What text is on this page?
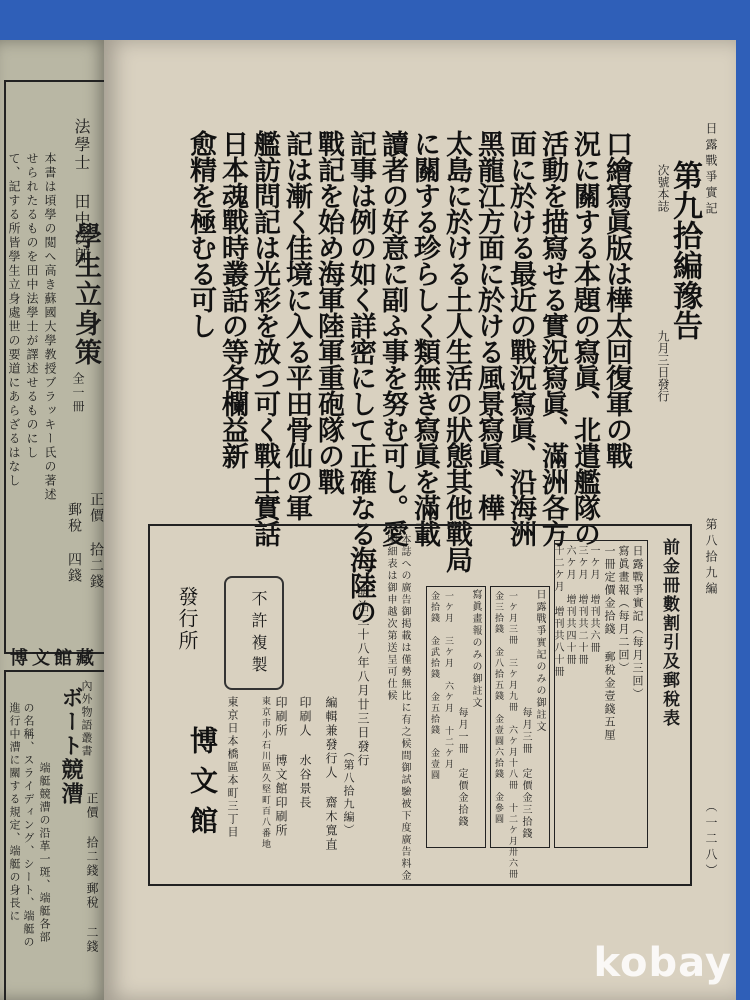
法學士 田中次郎
學生立身策
全一冊
正價 拾二錢
郵稅 四錢
本書は頃學の閲へ高き蘇國大學教授ブラッキー氏の著述
せられたるものを田中法學士が譯述せるものにし
て、記する所皆學生立身處世の要道にあらざるはなし
博文館藏
內外物語叢書
ボート競漕
正價 拾二錢
郵稅 二錢
端艇競漕の沿革一斑、端艇各部
の名稱、スライディング、シート、端艇の
進行中漕に關する規定、端艇の身長に
日露戰爭實記
第八拾九編
（一二八）
第九拾編豫告
次號本誌
九月三日發行
口繪寫眞版は樺太回復軍の戰
況に關する本題の寫眞、北遣艦隊の
活動を描寫せる實況寫眞、滿洲各方
面に於ける最近の戰況寫眞、沿海洲
黑龍江方面に於ける風景寫眞、樺
太島に於ける土人生活の狀態其他戰局
に關する珍らしく類無き寫眞を滿載
讀者の好意に副ふ事を努む可し。愛
記事は例の如く詳密にして正確なる海陸の
戰記を始め海軍陸軍重砲隊の戰
記は漸く佳境に入る平田骨仙の軍
艦訪問記は光彩を放つ可く戰士實話
日本魂戰時叢話の等各欄益新
愈精を極むる可し
前金冊數割引及郵稅表
日露戰爭實記（每月三回）
寫眞畫報（每月二回）
一冊定價金拾錢 郵稅金壹錢五厘
一ケ月 增刊共六冊
三ケ月 增刊共二十冊
六ケ月 增刊共四十冊
十二ケ月 增刊共八十冊
日露戰爭實記のみの御註文
每月三冊 定價金三拾錢
一ケ月三冊 三ケ月九冊 六ケ月十八冊 十二ケ月卅六冊
金三拾錢 金八拾五錢 金壹圓六拾錢 金參圓
寫眞畫報のみの御註文
每月一冊 定價金拾錢
一ケ月 三ケ月 六ケ月 十二ケ月
金拾錢 金武拾錢 金五拾錢 金壹圓
本誌への廣告御掲載は僅勢無比に有之候間御試驗被下度廣告料金
明細表は御申越次第送呈可仕候
明治三十八年八月廿三日發行
（第八拾九編）
編輯兼發行人 齋木寬直
印刷人 水谷景長
印刷所 博文館印刷所
東京市小石川區久堅町百八番地
發行所
東京日本橋區本町三丁目
博文館
不許複製
kobay
